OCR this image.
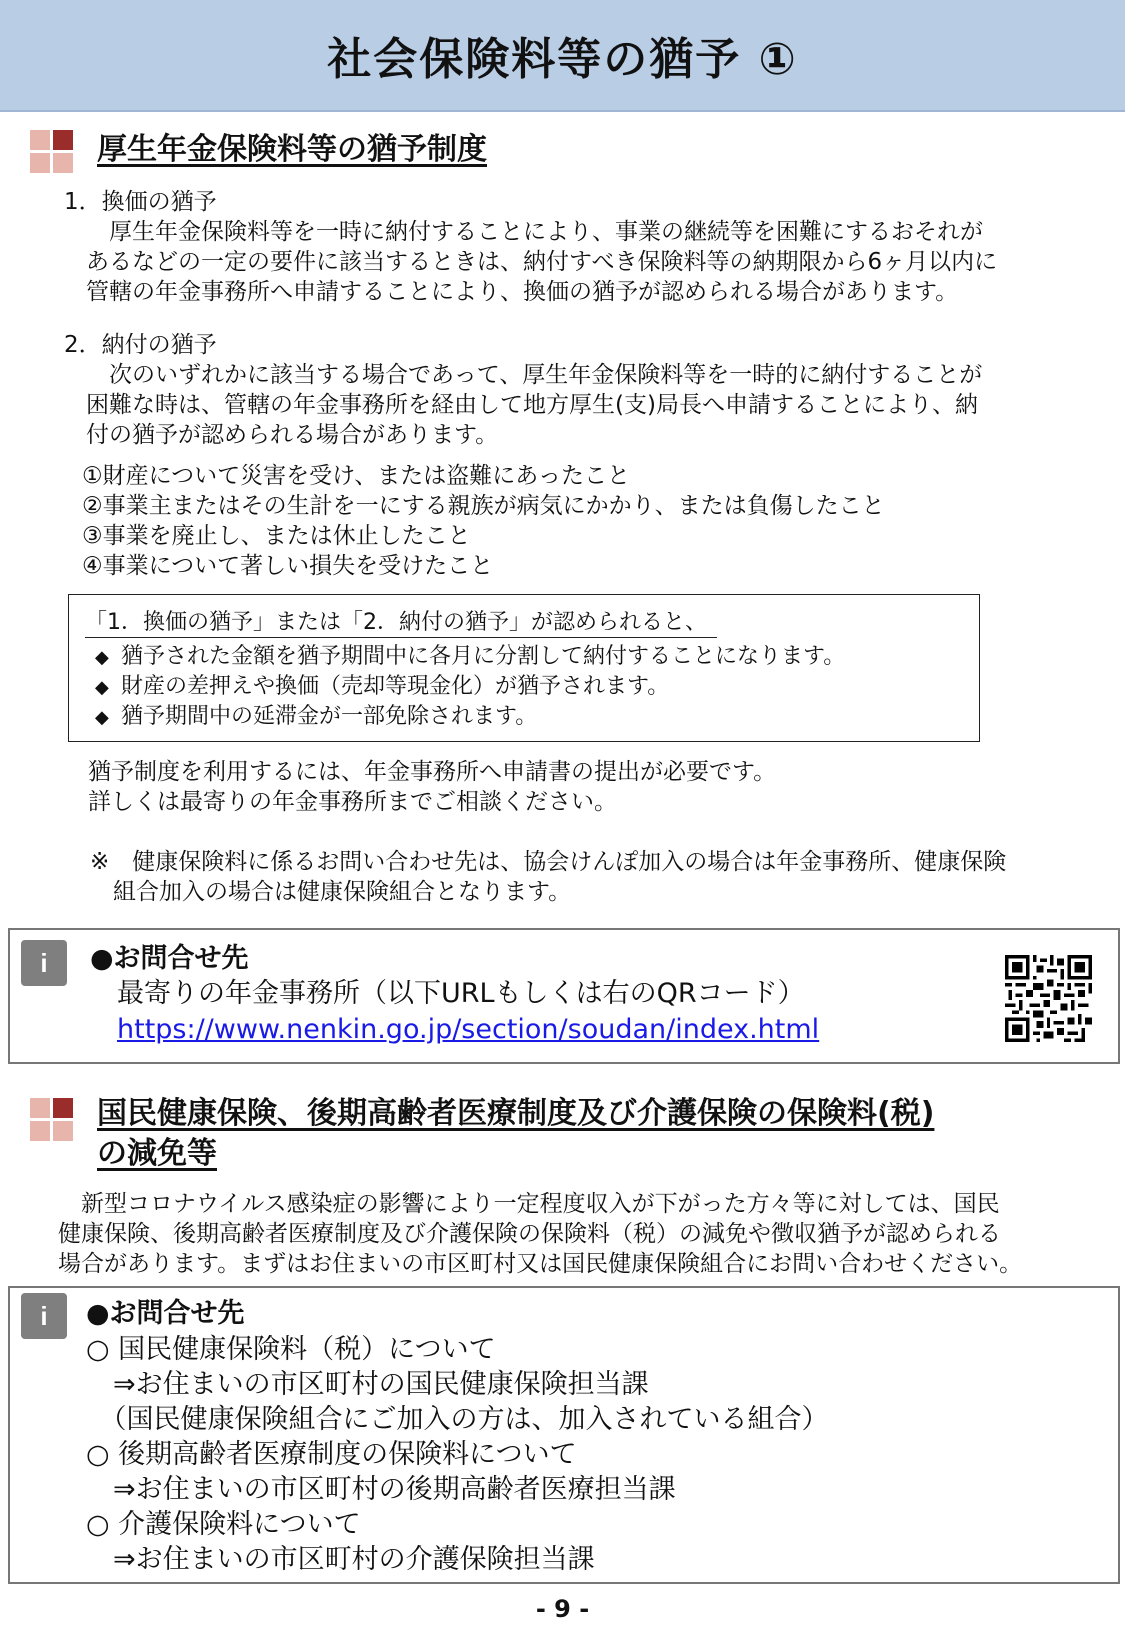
社会保険料等の猶予 ①
厚生年金保険料等の猶予制度
1．換価の猶予
　厚生年金保険料等を一時に納付することにより、事業の継続等を困難にするおそれが
あるなどの一定の要件に該当するときは、納付すべき保険料等の納期限から6ヶ月以内に
管轄の年金事務所へ申請することにより、換価の猶予が認められる場合があります。
2．納付の猶予
　次のいずれかに該当する場合であって、厚生年金保険料等を一時的に納付することが
困難な時は、管轄の年金事務所を経由して地方厚生(支)局長へ申請することにより、納
付の猶予が認められる場合があります。
①財産について災害を受け、または盗難にあったこと
②事業主またはその生計を一にする親族が病気にかかり、または負傷したこと
③事業を廃止し、または休止したこと
④事業について著しい損失を受けたこと
「1．換価の猶予」または「2．納付の猶予」が認められると、
◆ 猶予された金額を猶予期間中に各月に分割して納付することになります。
◆ 財産の差押えや換価（売却等現金化）が猶予されます。
◆ 猶予期間中の延滞金が一部免除されます。
猶予制度を利用するには、年金事務所へ申請書の提出が必要です。
詳しくは最寄りの年金事務所までご相談ください。
※　健康保険料に係るお問い合わせ先は、協会けんぽ加入の場合は年金事務所、健康保険
組合加入の場合は健康保険組合となります。
i	●お問合せ先
最寄りの年金事務所（以下URLもしくは右のQRコード）
https://www.nenkin.go.jp/section/soudan/index.html
国民健康保険、後期高齢者医療制度及び介護保険の保険料(税)
の減免等
　新型コロナウイルス感染症の影響により一定程度収入が下がった方々等に対しては、国民
健康保険、後期高齢者医療制度及び介護保険の保険料（税）の減免や徴収猶予が認められる
場合があります。まずはお住まいの市区町村又は国民健康保険組合にお問い合わせください。
i	●お問合せ先
○ 国民健康保険料（税）について
　⇒お住まいの市区町村の国民健康保険担当課
　（国民健康保険組合にご加入の方は、加入されている組合）
○ 後期高齢者医療制度の保険料について
　⇒お住まいの市区町村の後期高齢者医療担当課
○ 介護保険料について
　⇒お住まいの市区町村の介護保険担当課
- 9 -
